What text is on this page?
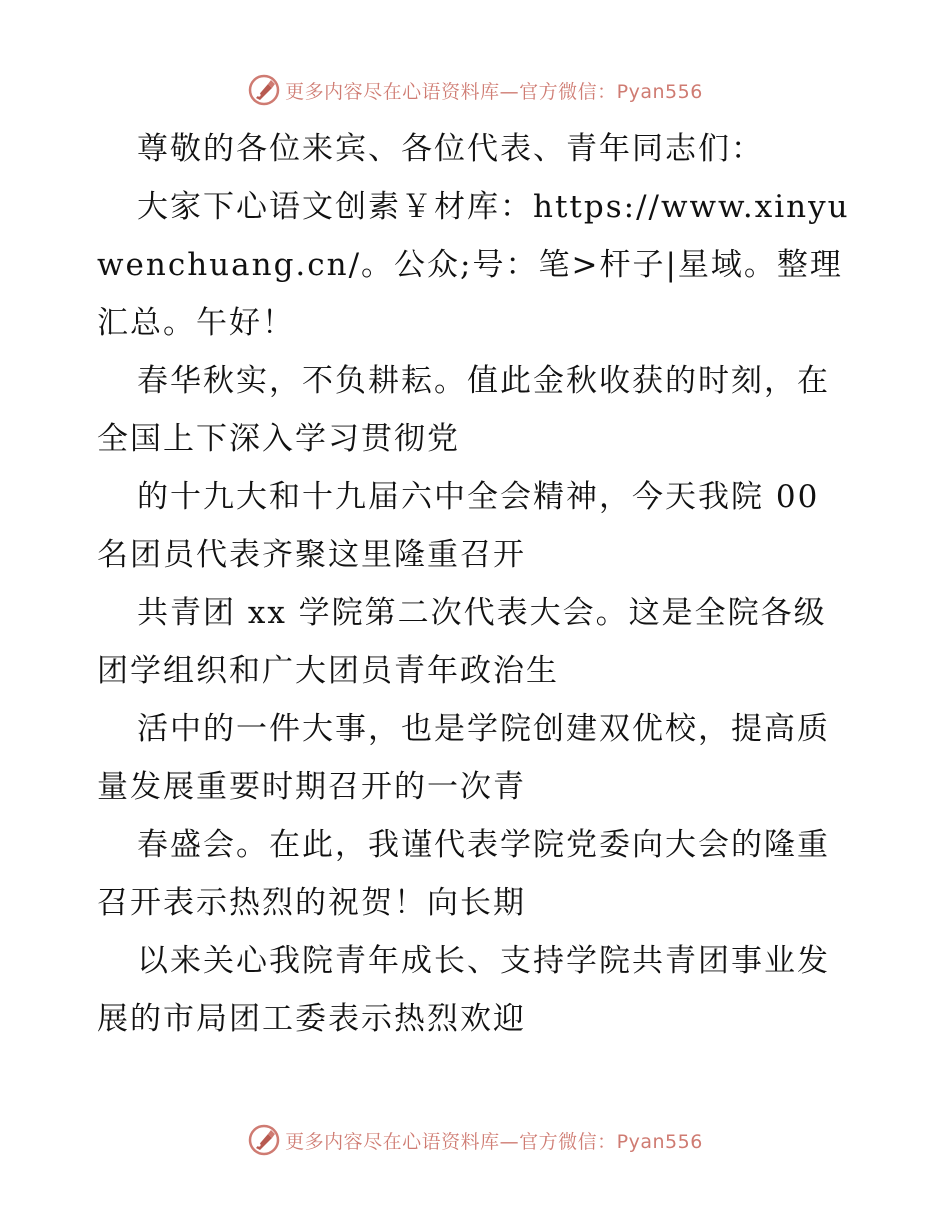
更多内容尽在心语资料库—官方微信：Pyan556

尊敬的各位来宾、各位代表、青年同志们：

大家下心语文创素￥材库：https://www.xinyuwenchuang.cn/。公众;号：笔>杆子|星域。整理汇总。午好！

春华秋实，不负耕耘。值此金秋收获的时刻，在全国上下深入学习贯彻党

的十九大和十九届六中全会精神，今天我院 00 名团员代表齐聚这里隆重召开

共青团 xx 学院第二次代表大会。这是全院各级团学组织和广大团员青年政治生

活中的一件大事，也是学院创建双优校，提高质量发展重要时期召开的一次青

春盛会。在此，我谨代表学院党委向大会的隆重召开表示热烈的祝贺！向长期

以来关心我院青年成长、支持学院共青团事业发展的市局团工委表示热烈欢迎

更多内容尽在心语资料库—官方微信：Pyan556
